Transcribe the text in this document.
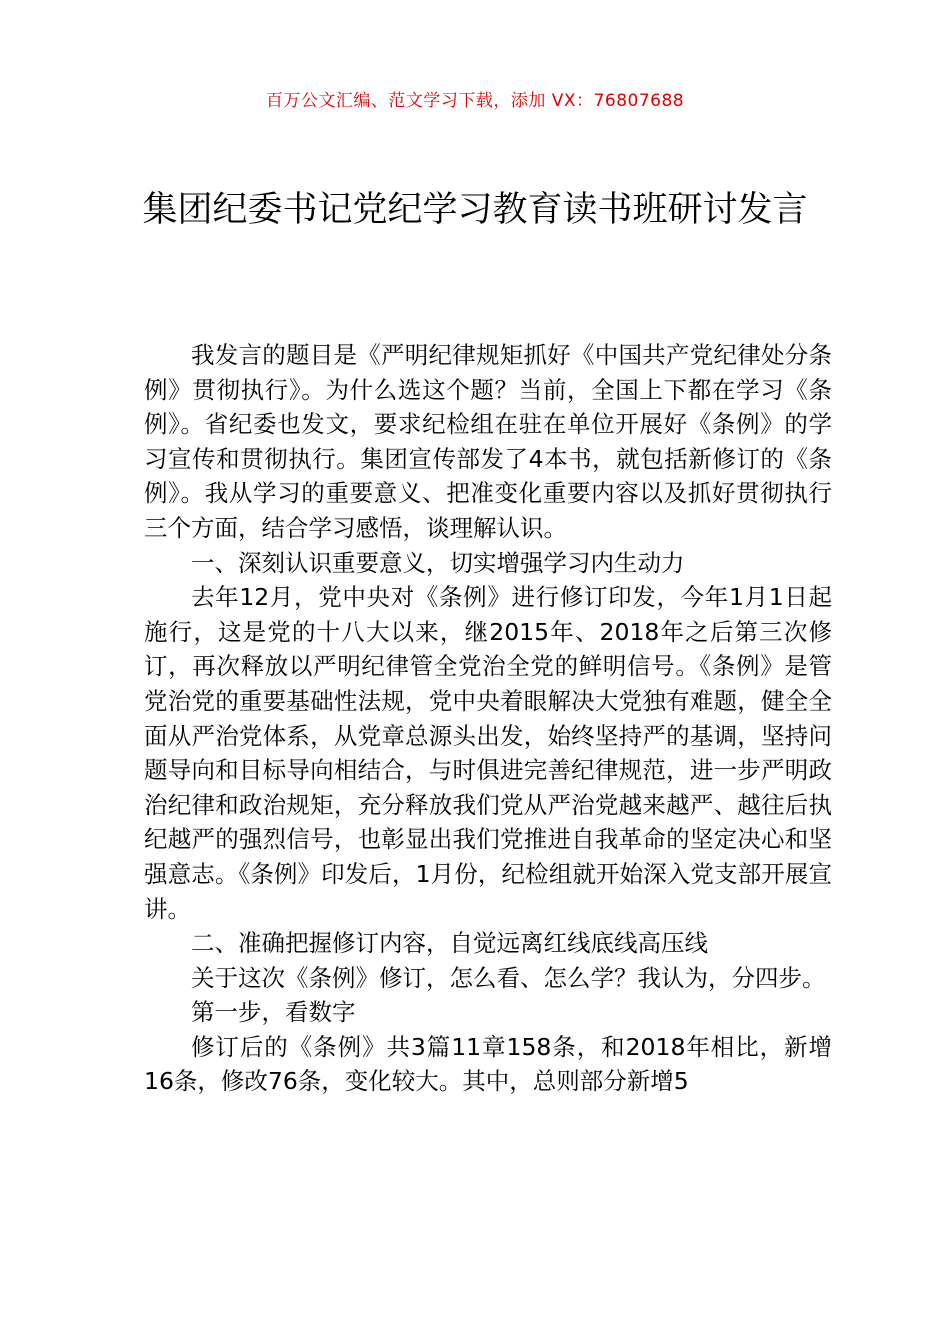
百万公文汇编、范文学习下载，添加 VX：76807688
集团纪委书记党纪学习教育读书班研讨发言

我发言的题目是《严明纪律规矩抓好《中国共产党纪律处分条例》贯彻执行》。为什么选这个题？当前，全国上下都在学习《条例》。省纪委也发文，要求纪检组在驻在单位开展好《条例》的学习宣传和贯彻执行。集团宣传部发了4本书，就包括新修订的《条例》。我从学习的重要意义、把准变化重要内容以及抓好贯彻执行三个方面，结合学习感悟，谈理解认识。

一、深刻认识重要意义，切实增强学习内生动力

去年12月，党中央对《条例》进行修订印发，今年1月1日起施行，这是党的十八大以来，继2015年、2018年之后第三次修订，再次释放以严明纪律管全党治全党的鲜明信号。《条例》是管党治党的重要基础性法规，党中央着眼解决大党独有难题，健全全面从严治党体系，从党章总源头出发，始终坚持严的基调，坚持问题导向和目标导向相结合，与时俱进完善纪律规范，进一步严明政治纪律和政治规矩，充分释放我们党从严治党越来越严、越往后执纪越严的强烈信号，也彰显出我们党推进自我革命的坚定决心和坚强意志。《条例》印发后，1月份，纪检组就开始深入党支部开展宣讲。

二、准确把握修订内容，自觉远离红线底线高压线

关于这次《条例》修订，怎么看、怎么学？我认为，分四步。

第一步，看数字

修订后的《条例》共3篇11章158条，和2018年相比，新增16条，修改76条，变化较大。其中，总则部分新增5
